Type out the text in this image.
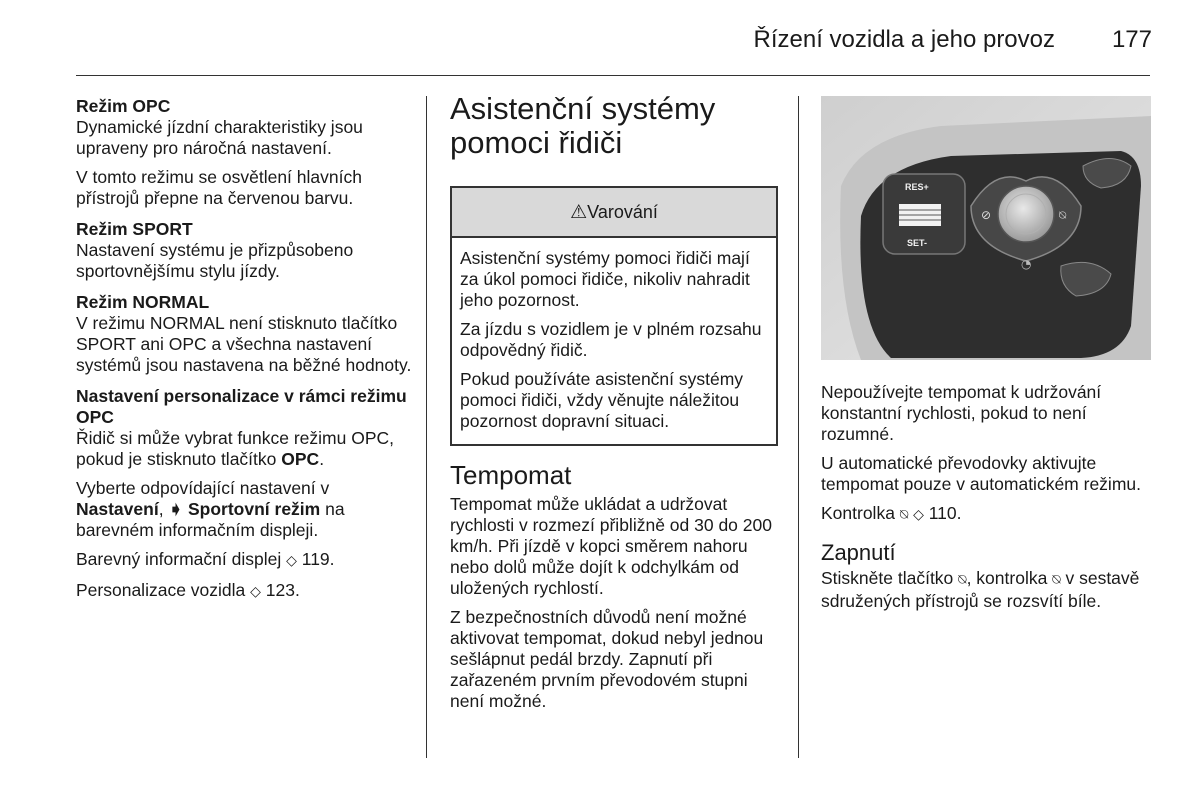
Řízení vozidla a jeho provoz	177
Režim OPC

Dynamické jízdní charakteristiky jsou upraveny pro náročná nastavení.

V tomto režimu se osvětlení hlavních přístrojů přepne na červenou barvu.

Režim SPORT

Nastavení systému je přizpůsobeno sportovnějšímu stylu jízdy.

Režim NORMAL

V režimu NORMAL není stisknuto tlačítko SPORT ani OPC a všechna nastavení systémů jsou nastavena na běžné hodnoty.

Nastavení personalizace v rámci režimu OPC

Řidič si může vybrat funkce režimu OPC, pokud je stisknuto tlačítko OPC.

Vyberte odpovídající nastavení v Nastavení, ➧ Sportovní režim na barevném informačním displeji.

Barevný informační displej ◇ 119.

Personalizace vozidla ◇ 123.

Asistenční systémy pomoci řidiči
⚠ Varování

Asistenční systémy pomoci řidiči mají za úkol pomoci řidiče, nikoliv nahradit jeho pozornost.

Za jízdu s vozidlem je v plném rozsahu odpovědný řidič.

Pokud používáte asistenční systémy pomoci řidiči, vždy věnujte náležitou pozornost dopravní situaci.

Tempomat

Tempomat může ukládat a udržovat rychlosti v rozmezí přibližně od 30 do 200 km/h. Při jízdě v kopci směrem nahoru nebo dolů může dojít k odchylkám od uložených rychlostí.

Z bezpečnostních důvodů není možné aktivovat tempomat, dokud nebyl jednou sešlápnut pedál brzdy. Zapnutí při zařazeném prvním převodovém stupni není možné.

RES+
SET-
⊘	⍉
◔

Nepoužívejte tempomat k udržování konstantní rychlosti, pokud to není rozumné.

U automatické převodovky aktivujte tempomat pouze v automatickém režimu.

Kontrolka ⍉ ◇ 110.

Zapnutí

Stiskněte tlačítko ⍉, kontrolka ⍉ v sestavě sdružených přístrojů se rozsvítí bíle.
